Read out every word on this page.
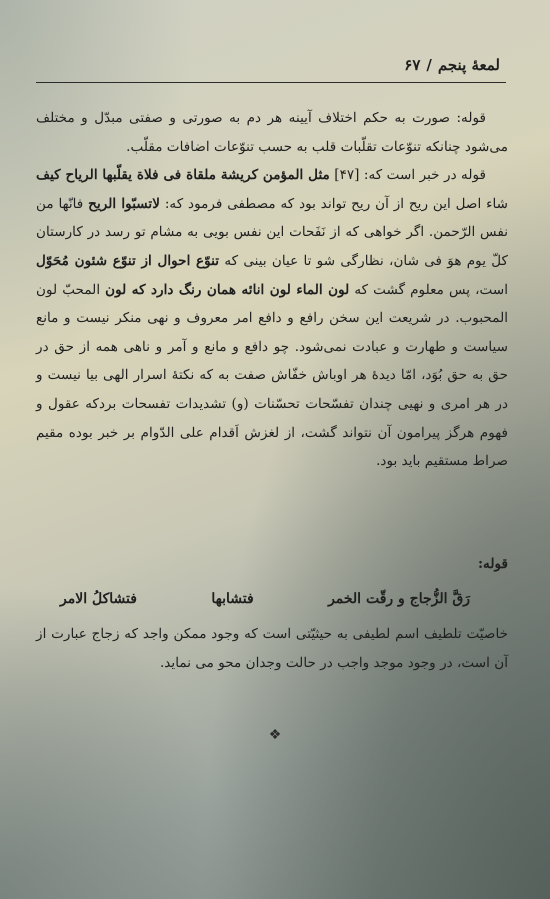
لمعهٔ پنجم
/
۶۷

قوله: صورت به حکم اختلاف آیینه هر دم به صورتی و صفتی مبدّل و مختلف می‌شود چنانکه تنوّعات تقلّبات قلب به حسب تنوّعات اضافات مقلّب.

قوله در خبر است که: [۴۷] مثل المؤمن کریشة ملقاة فی فلاة یقلّبها الریاح کیف شاء اصل این ریح از آن ریح تواند بود که مصطفی فرمود که: لاتسبّوا الریح فانّها من نفس الرّحمن. اگر خواهی که از نَفَحات این نفس بویی به مشام تو رسد در کارستان کلّ یوم هوَ فی شان، نظارگی شو تا عیان بینی که تنوّع احوال از تنوّع شئون مُحَوّل است، پس معلوم گشت که لون الماء لون انائه همان رنگ دارد که لون المحبّ لون المحبوب. در شریعت این سخن رافع و دافع امر معروف و نهی منکر نیست و مانع سیاست و طهارت و عبادت نمی‌شود. چو دافع و مانع و آمر و ناهی همه از حق در حق به حق بُوَد، امّا دیدهٔ هر اوباش خفّاش صفت به که نکتهٔ اسرار الهی بیا نیست و در هر امری و نهیی چندان تفسّحات تحسّنات (و) تشدیدات تفسحات بردکه عقول و فهوم هرگز پیرامون آن نتواند گشت، از لغزش اَقدام علی الدّوام بر خبر بوده مقیم صراط مستقیم باید بود.

قوله:
رَقَّ الزُّجاج و رقّت الخمر
فتشابها
فتشاکلُ الامر

خاصیّت تلطیف اسم لطیفی به حیثیّتی است که وجود ممکن واجد که زجاج عبارت از آن است، در وجود موجد واجب در حالت وجدان محو می نماید.

❖
